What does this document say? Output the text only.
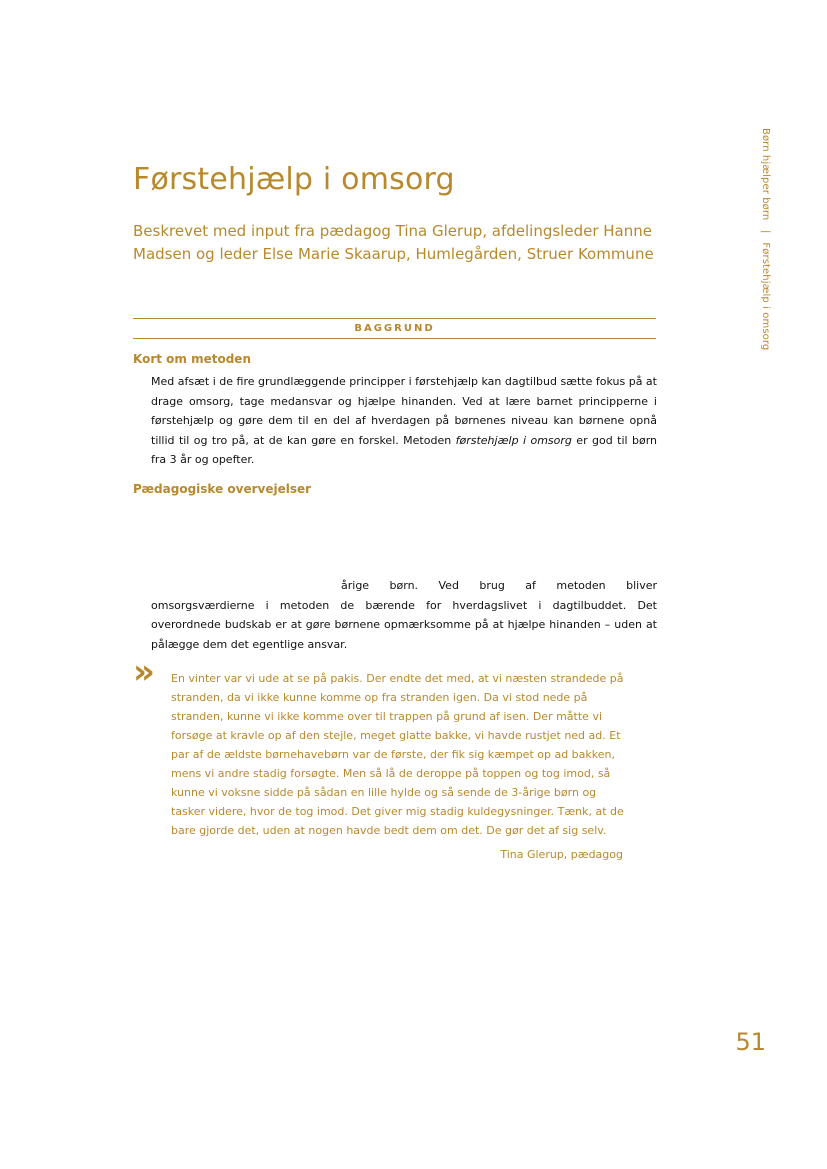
Børn hjælper børn | Førstehjælp i omsorg
Førstehjælp i omsorg

Beskrevet med input fra pædagog Tina Glerup, afdelingsleder Hanne Madsen og leder Else Marie Skaarup, Humlegården, Struer Kommune

BAGGRUND
Kort om metoden

Med afsæt i de fire grundlæggende principper i førstehjælp kan dagtilbud sætte fokus på at drage omsorg, tage medansvar og hjælpe hinanden. Ved at lære barnet principperne i førstehjælp og gøre dem til en del af hverdagen på børnenes niveau kan børnene opnå tillid til og tro på, at de kan gøre en forskel. Metoden førstehjælp i omsorg er god til børn fra 3 år og opefter.

Pædagogiske overvejelser

årige børn. Ved brug af metoden bliver omsorgsværdierne i metoden de bærende for hverdagslivet i dagtilbuddet. Det overordnede budskab er at gøre børnene opmærksomme på at hjælpe hinanden – uden at pålægge dem det egentlige ansvar.

» En vinter var vi ude at se på pakis. Der endte det med, at vi næsten strandede på stranden, da vi ikke kunne komme op fra stranden igen. Da vi stod nede på stranden, kunne vi ikke komme over til trappen på grund af isen. Der måtte vi forsøge at kravle op af den stejle, meget glatte bakke, vi havde rustjet ned ad. Et par af de ældste børnehavebørn var de første, der fik sig kæmpet op ad bakken, mens vi andre stadig forsøgte. Men så lå de deroppe på toppen og tog imod, så kunne vi voksne sidde på sådan en lille hylde og så sende de 3-årige børn og tasker videre, hvor de tog imod. Det giver mig stadig kuldegysninger. Tænk, at de bare gjorde det, uden at nogen havde bedt dem om det. De gør det af sig selv.

Tina Glerup, pædagog

51
